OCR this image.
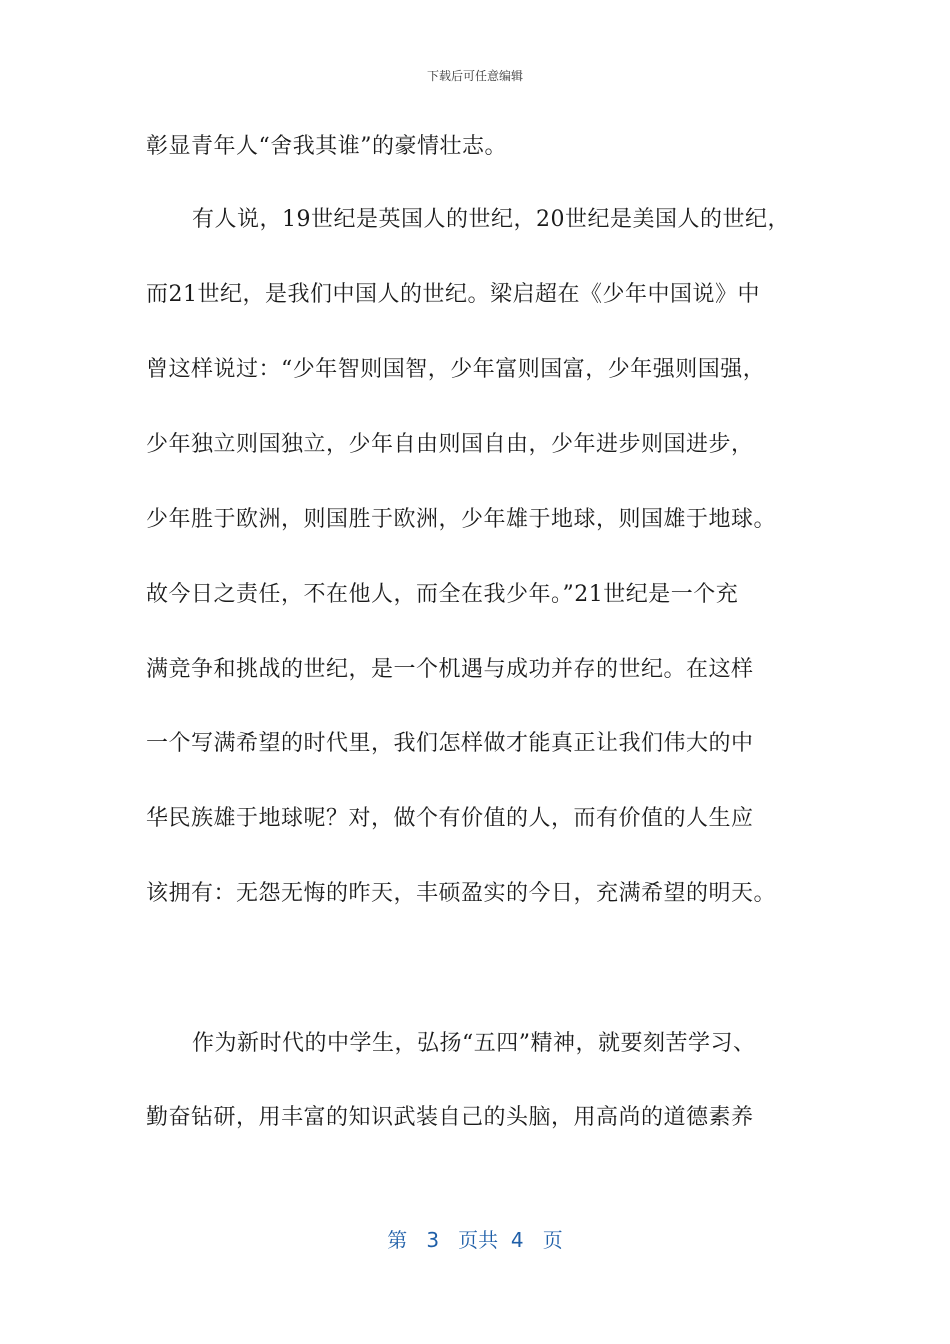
下载后可任意编辑
彰显青年人“舍我其谁”的豪情壮志。
有人说，19世纪是英国人的世纪，20世纪是美国人的世纪，
而21世纪，是我们中国人的世纪。梁启超在《少年中国说》中
曾这样说过：“少年智则国智，少年富则国富，少年强则国强，
少年独立则国独立，少年自由则国自由，少年进步则国进步，
少年胜于欧洲，则国胜于欧洲，少年雄于地球，则国雄于地球。
故今日之责任，不在他人，而全在我少年。”21世纪是一个充
满竞争和挑战的世纪，是一个机遇与成功并存的世纪。在这样
一个写满希望的时代里，我们怎样做才能真正让我们伟大的中
华民族雄于地球呢？对，做个有价值的人，而有价值的人生应
该拥有：无怨无悔的昨天，丰硕盈实的今日，充满希望的明天。
作为新时代的中学生，弘扬“五四”精神，就要刻苦学习、
勤奋钻研，用丰富的知识武装自己的头脑，用高尚的道德素养
第 3 页共 4 页
